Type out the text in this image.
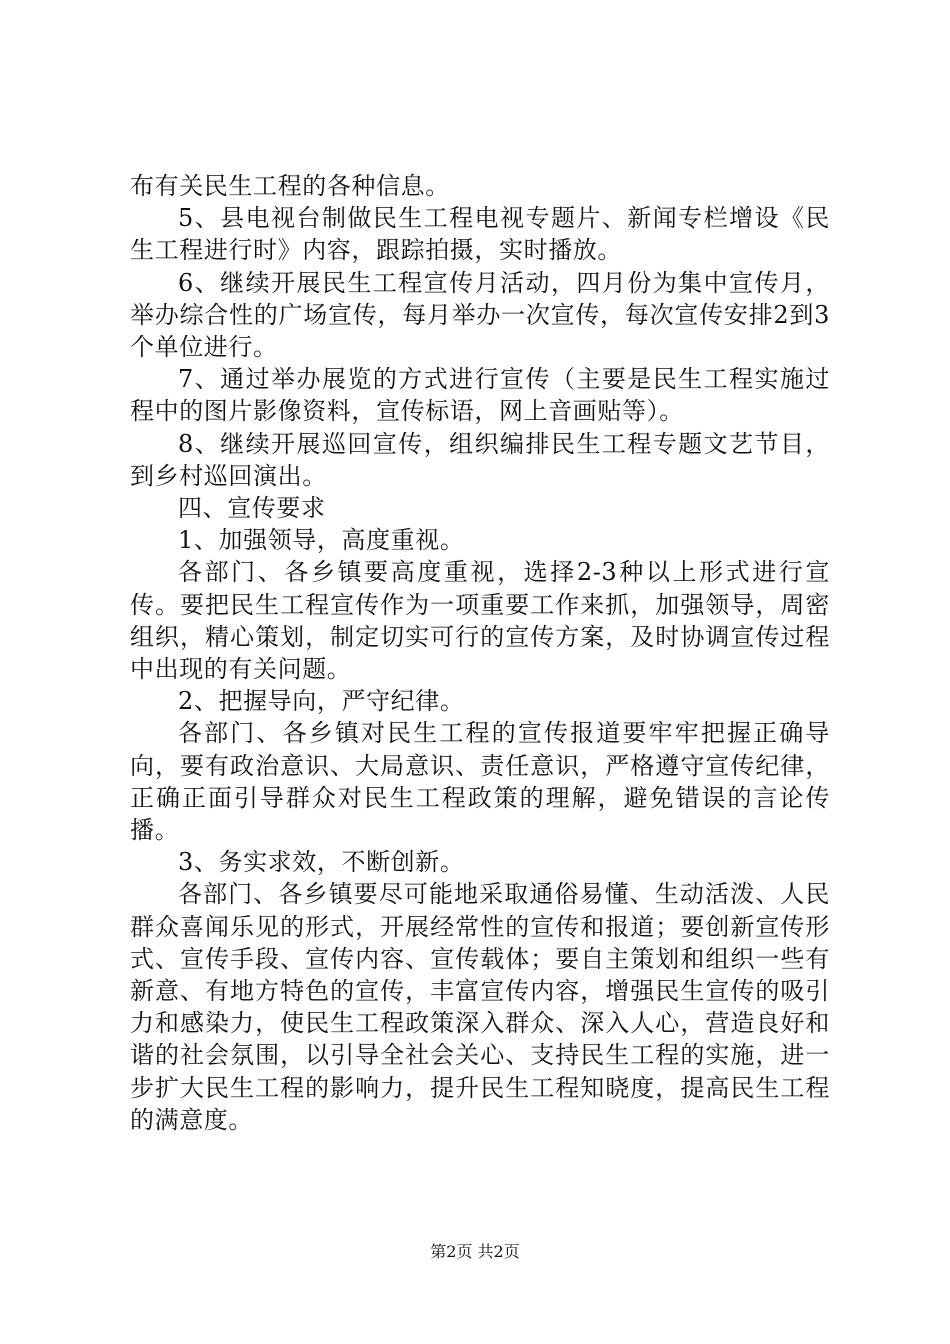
布有关民生工程的各种信息。

5、县电视台制做民生工程电视专题片、新闻专栏增设《民生工程进行时》内容，跟踪拍摄，实时播放。

6、继续开展民生工程宣传月活动，四月份为集中宣传月，举办综合性的广场宣传，每月举办一次宣传，每次宣传安排2到3个单位进行。

7、通过举办展览的方式进行宣传（主要是民生工程实施过程中的图片影像资料，宣传标语，网上音画贴等）。

8、继续开展巡回宣传，组织编排民生工程专题文艺节目，到乡村巡回演出。

四、宣传要求

1、加强领导，高度重视。

各部门、各乡镇要高度重视，选择2-3种以上形式进行宣传。要把民生工程宣传作为一项重要工作来抓，加强领导，周密组织，精心策划，制定切实可行的宣传方案，及时协调宣传过程中出现的有关问题。

2、把握导向，严守纪律。

各部门、各乡镇对民生工程的宣传报道要牢牢把握正确导向，要有政治意识、大局意识、责任意识，严格遵守宣传纪律，正确正面引导群众对民生工程政策的理解，避免错误的言论传播。

3、务实求效，不断创新。

各部门、各乡镇要尽可能地采取通俗易懂、生动活泼、人民群众喜闻乐见的形式，开展经常性的宣传和报道；要创新宣传形式、宣传手段、宣传内容、宣传载体；要自主策划和组织一些有新意、有地方特色的宣传，丰富宣传内容，增强民生宣传的吸引力和感染力，使民生工程政策深入群众、深入人心，营造良好和谐的社会氛围，以引导全社会关心、支持民生工程的实施，进一步扩大民生工程的影响力，提升民生工程知晓度，提高民生工程的满意度。

第2页 共2页
